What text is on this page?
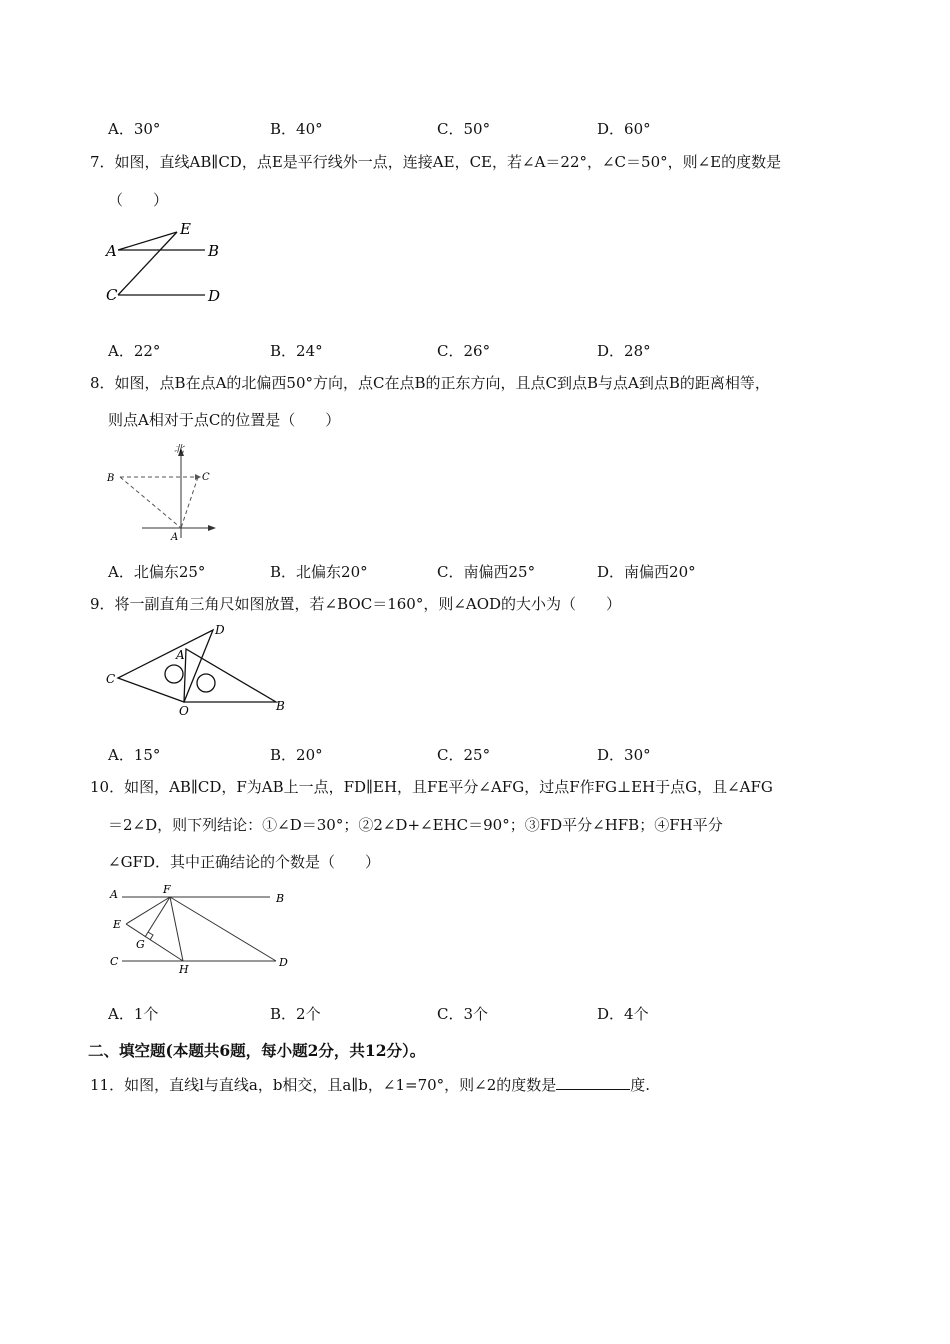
A．30°	B．40°	C．50°	D．60°
7．如图，直线AB∥CD，点E是平行线外一点，连接AE，CE，若∠A＝22°，∠C＝50°，则∠E的度数是
（　　）
A	B
C	D
E
A．22°	B．24°	C．26°	D．28°
8．如图，点B在点A的北偏西50°方向，点C在点B的正东方向，且点C到点B与点A到点B的距离相等，
则点A相对于点C的位置是（　　）
北
B	C
A
A．北偏东25°	B．北偏东20°	C．南偏西25°	D．南偏西20°
9．将一副直角三角尺如图放置，若∠BOC＝160°，则∠AOD的大小为（　　）
C
D
A
O	B
A．15°	B．20°	C．25°	D．30°
10．如图，AB∥CD，F为AB上一点，FD∥EH，且FE平分∠AFG，过点F作FG⊥EH于点G，且∠AFG
＝2∠D，则下列结论：①∠D＝30°；②2∠D+∠EHC＝90°；③FD平分∠HFB；④FH平分
∠GFD．其中正确结论的个数是（　　）
A	B
F
E
G
C
H
D
A．1个	B．2个	C．3个	D．4个
二、填空题(本题共6题，每小题2分，共12分）。
11．如图，直线l与直线a，b相交，且a∥b，∠1=70°，则∠2的度数是	度.
